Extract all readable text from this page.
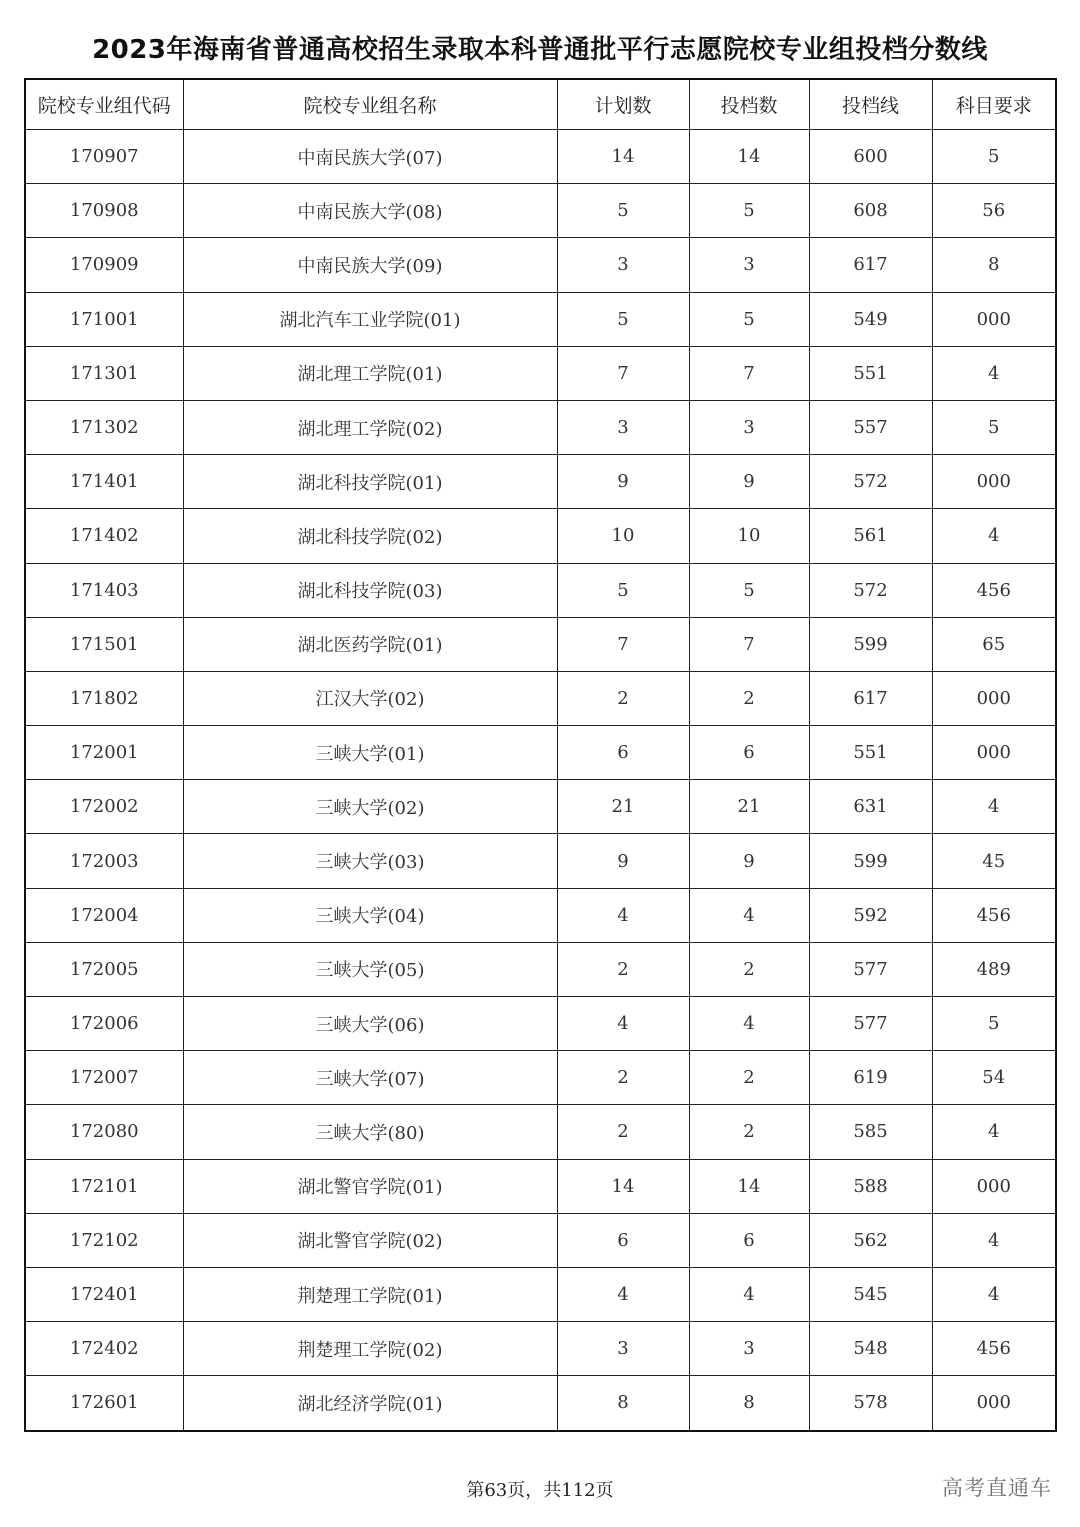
2023年海南省普通高校招生录取本科普通批平行志愿院校专业组投档分数线
院校专业组代码	院校专业组名称	计划数	投档数	投档线	科目要求
170907	中南民族大学(07)	14	14	600	5
170908	中南民族大学(08)	5	5	608	56
170909	中南民族大学(09)	3	3	617	8
171001	湖北汽车工业学院(01)	5	5	549	000
171301	湖北理工学院(01)	7	7	551	4
171302	湖北理工学院(02)	3	3	557	5
171401	湖北科技学院(01)	9	9	572	000
171402	湖北科技学院(02)	10	10	561	4
171403	湖北科技学院(03)	5	5	572	456
171501	湖北医药学院(01)	7	7	599	65
171802	江汉大学(02)	2	2	617	000
172001	三峡大学(01)	6	6	551	000
172002	三峡大学(02)	21	21	631	4
172003	三峡大学(03)	9	9	599	45
172004	三峡大学(04)	4	4	592	456
172005	三峡大学(05)	2	2	577	489
172006	三峡大学(06)	4	4	577	5
172007	三峡大学(07)	2	2	619	54
172080	三峡大学(80)	2	2	585	4
172101	湖北警官学院(01)	14	14	588	000
172102	湖北警官学院(02)	6	6	562	4
172401	荆楚理工学院(01)	4	4	545	4
172402	荆楚理工学院(02)	3	3	548	456
172601	湖北经济学院(01)	8	8	578	000
第63页，共112页	高考直通车
